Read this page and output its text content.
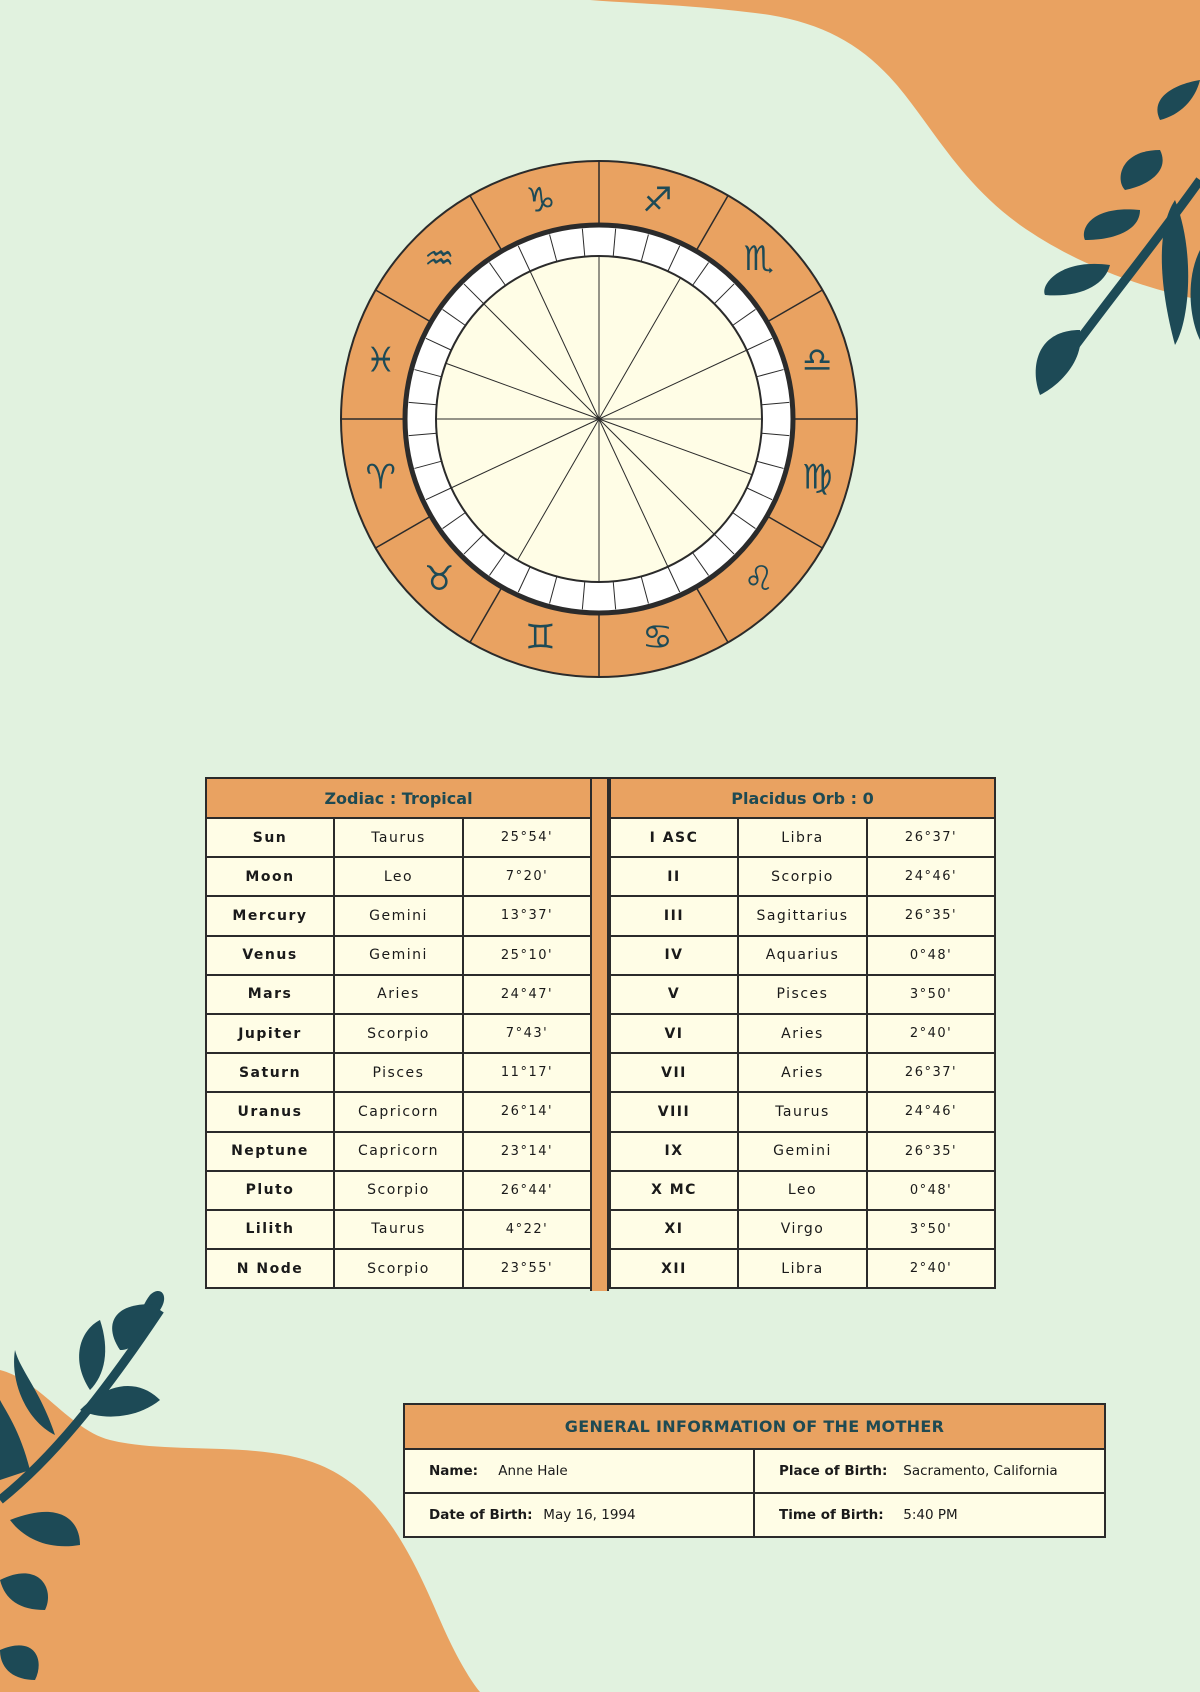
♑	♐
♏
♎
♍
♌
♋
♊
♉
♈
♓
♒
Zodiac : Tropical		
Sun	Taurus	25°54'
Moon	Leo	7°20'
Mercury	Gemini	13°37'
Venus	Gemini	25°10'
Mars	Aries	24°47'
Jupiter	Scorpio	7°43'
Saturn	Pisces	11°17'
Uranus	Capricorn	26°14'
Neptune	Capricorn	23°14'
Pluto	Scorpio	26°44'
Lilith	Taurus	4°22'
N Node	Scorpio	23°55'
Placidus Orb : 0		
I ASC	Libra	26°37'
II	Scorpio	24°46'
III	Sagittarius	26°35'
IV	Aquarius	0°48'
V	Pisces	3°50'
VI	Aries	2°40'
VII	Aries	26°37'
VIII	Taurus	24°46'
IX	Gemini	26°35'
X MC	Leo	0°48'
XI	Virgo	3°50'
XII	Libra	2°40'
GENERAL INFORMATION OF THE MOTHER	
Name: Anne Hale	Place of Birth: Sacramento, California
Date of Birth: May 16, 1994	Time of Birth: 5:40 PM
